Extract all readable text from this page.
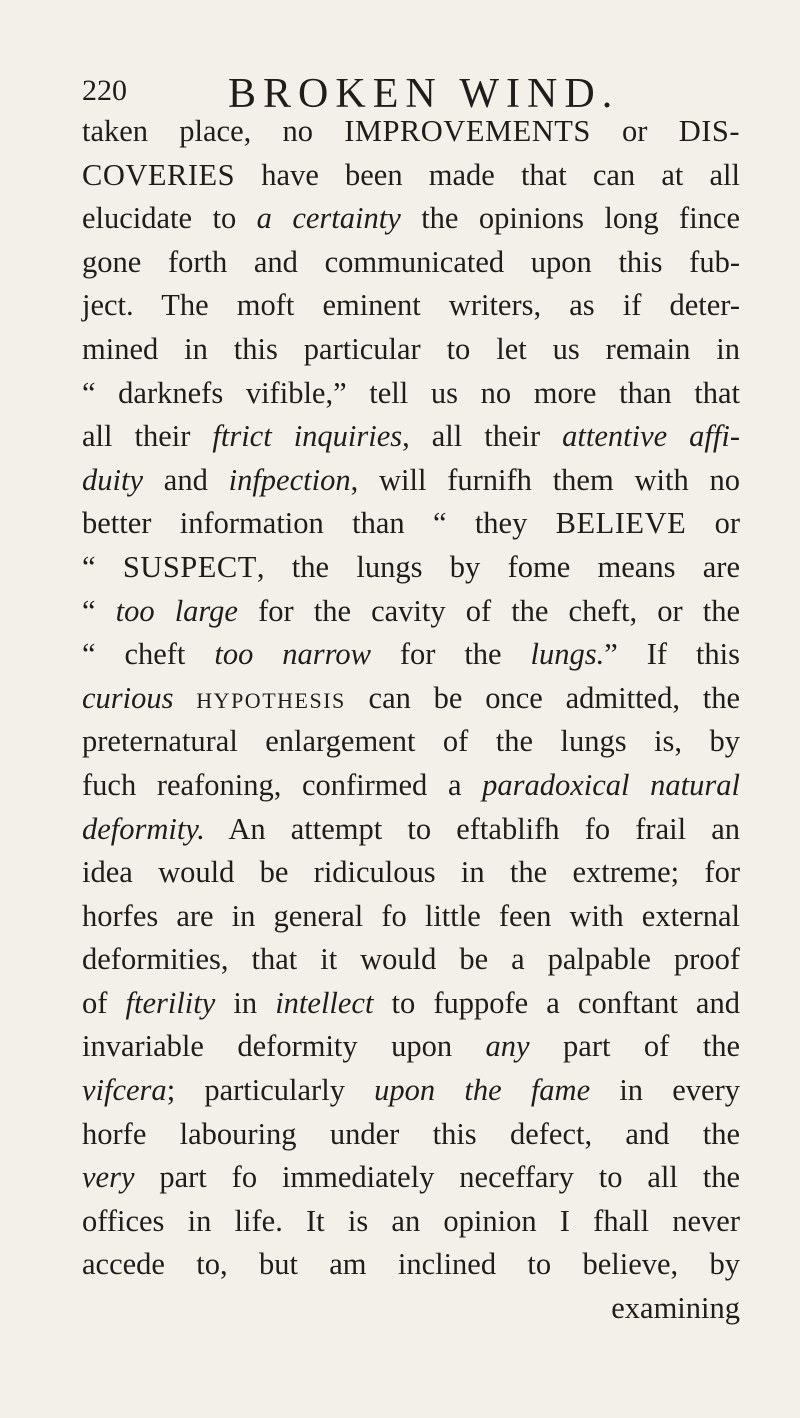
220 BROKEN WIND.
taken place, no IMPROVEMENTS or DIS-
COVERIES have been made that can at all
elucidate to a certainty the opinions long fince
gone forth and communicated upon this fub-
ject. The moft eminent writers, as if deter-
mined in this particular to let us remain in
“ darknefs vifible,” tell us no more than that
all their ftrict inquiries, all their attentive affi-
duity and infpection, will furnifh them with no
better information than “ they BELIEVE or
“ SUSPECT, the lungs by fome means are
“ too large for the cavity of the cheft, or the
“ cheft too narrow for the lungs.” If this
curious HYPOTHESIS can be once admitted, the
preternatural enlargement of the lungs is, by
fuch reafoning, confirmed a paradoxical natural
deformity. An attempt to eftablifh fo frail an
idea would be ridiculous in the extreme; for
horfes are in general fo little feen with external
deformities, that it would be a palpable proof
of fterility in intellect to fuppofe a conftant and
invariable deformity upon any part of the
vifcera; particularly upon the fame in every
horfe labouring under this defect, and the
very part fo immediately neceffary to all the
offices in life. It is an opinion I fhall never
accede to, but am inclined to believe, by
examining
